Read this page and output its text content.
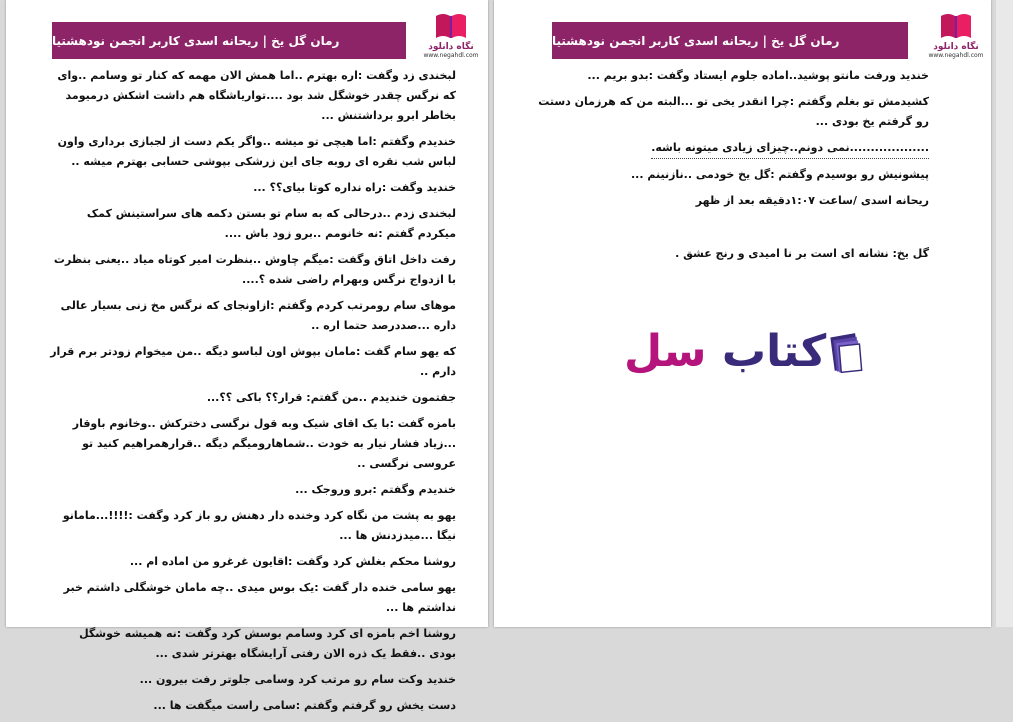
نگاه دانلود
www.negahdl.com
رمان گل یخ | ریحانه اسدی کاربر انجمن نودهشتیا

لبخندی زد وگفت :اره بهترم ..اما همش الان مهمه که کنار تو وسامم ..وای که نرگس چقدر خوشگل شد بود ....تواریاشگاه هم داشت اشکش درمیومد بخاطر ابرو برداشتنش ...

خندیدم وگفتم :اما هیچی تو میشه ..واگر یکم دست از لجبازی برداری واون لباس شب نقره ای روبه جای این زرشکی بپوشی حسابی بهترم میشه ..

خندید وگفت :راه نداره کوتا بیای؟؟ ...

لبخندی زدم ..درحالی که به سام تو بستن دکمه های سراستینش کمک میکردم گفتم :نه خانومم ..برو زود باش ....

رفت داخل اتاق وگفت :میگم چاوش ..بنظرت امیر کوتاه میاد ..یعنی بنظرت با ازدواج نرگس وبهرام راضی شده ؟....

موهای سام رومرتب کردم وگفتم :ازاونجای که نرگس مخ زنی بسیار عالی داره ...صددرصد حتما اره ..

که یهو سام گفت :مامان بپوش اون لباسو دیگه ..من میخوام زودتر برم قرار دارم ..

جفتمون خندیدم ..من گفتم: قرار؟؟ باکی ؟؟...

بامزه گفت :با یک اقای شیک وبه قول نرگسی دخترکش ..وخانوم باوقار ...زیاد فشار نیار به خودت ..شماهارومیگم دیگه ..قرارهمراهیم کنید تو عروسی نرگسی ..

خندیدم وگفتم :برو وروجک ...

یهو به پشت من نگاه کرد وخنده دار دهنش رو باز کرد وگفت :!!!!...مامانو نیگا ...میدزدنش ها ...

روشنا محکم بغلش کرد وگفت :اقایون غرغرو من اماده ام ...

یهو سامی خنده دار گفت :یک بوس میدی ..چه مامان خوشگلی داشتم خبر نداشتم ها ...

روشنا اخم بامزه ای کرد وسامم بوسش کرد وگفت :نه همیشه خوشگل بودی ..فقط یک ذره الان رفتی آرایشگاه بهترتر شدی ...

خندید وکت سام رو مرتب کرد وسامی جلوتر رفت بیرون ...

دست یخش رو گرفتم وگفتم :سامی راست میگفت ها ...

نگاه دانلود
www.negahdl.com
رمان گل یخ | ریحانه اسدی کاربر انجمن نودهشتیا

خندید ورفت مانتو پوشید..اماده جلوم ایستاد وگفت :بدو بریم ...

کشیدمش تو بغلم وگفتم :چرا انقدر یخی تو ...البته من که هرزمان دستت رو گرفتم یخ بودی ...

...................نمی دونم..چیزای زیادی میتونه باشه.

پیشونیش رو بوسیدم وگفتم :گل یخ خودمی ..نازنینم ...

ریحانه اسدی /ساعت ۱:۰۷دقیقه بعد از ظهر

گل یخ: نشانه ای است بر نا امیدی و رنج عشق .
کتاب سل
